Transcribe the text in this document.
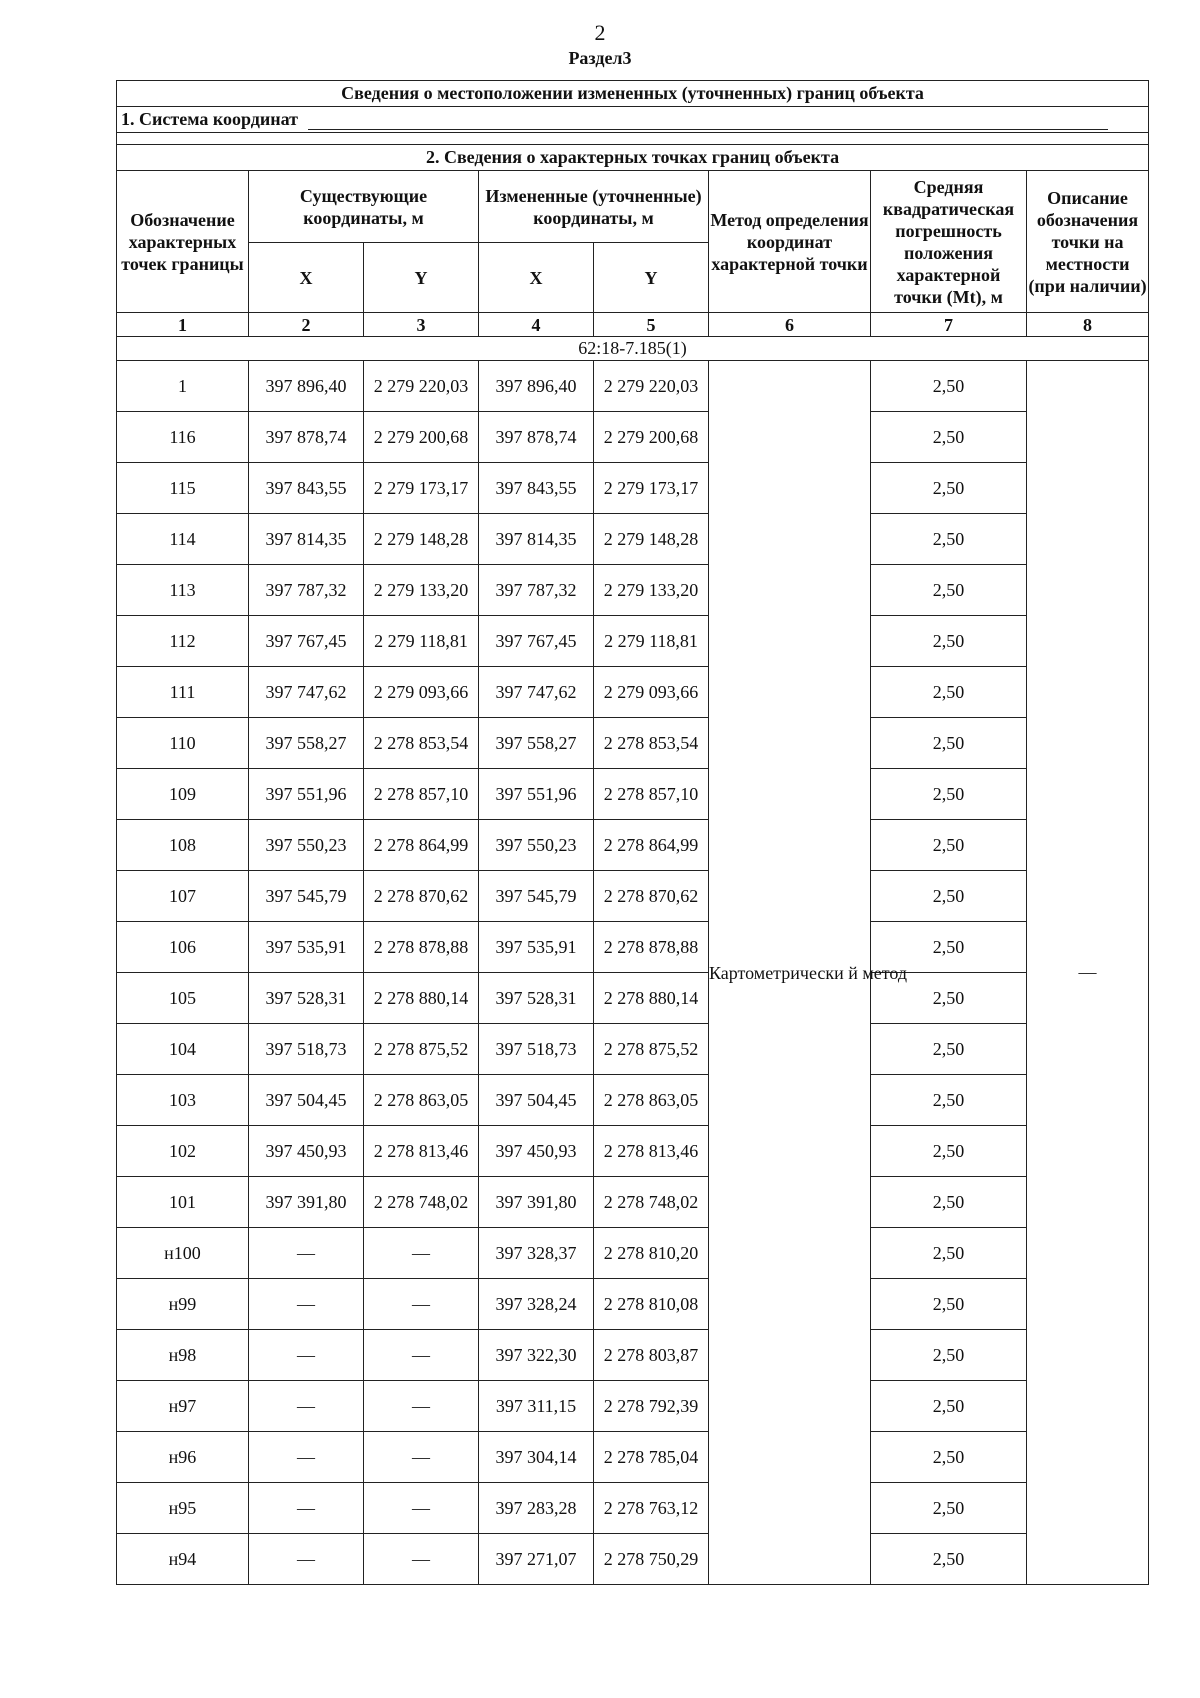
2
Раздел3
Сведения о местоположении измененных (уточненных) границ объекта							
1. Система координат							

2. Сведения о характерных точках границ объекта							
Обозначение характерных точек границы	Существующие координаты, м		Измененные (уточненные) координаты, м		Метод определения координат характерной точки	Средняя квадратическая погрешность положения характерной точки (Mt), м	Описание обозначения точки на местности (при наличии)
	X	Y	X	Y			
1	2	3	4	5	6	7	8
62:18-7.185(1)							
1	397 896,40	2 279 220,03	397 896,40	2 279 220,03	Картометрически й метод	2,50	—
116	397 878,74	2 279 200,68	397 878,74	2 279 200,68		2,50	
115	397 843,55	2 279 173,17	397 843,55	2 279 173,17		2,50	
114	397 814,35	2 279 148,28	397 814,35	2 279 148,28		2,50	
113	397 787,32	2 279 133,20	397 787,32	2 279 133,20		2,50	
112	397 767,45	2 279 118,81	397 767,45	2 279 118,81		2,50	
111	397 747,62	2 279 093,66	397 747,62	2 279 093,66		2,50	
110	397 558,27	2 278 853,54	397 558,27	2 278 853,54		2,50	
109	397 551,96	2 278 857,10	397 551,96	2 278 857,10		2,50	
108	397 550,23	2 278 864,99	397 550,23	2 278 864,99		2,50	
107	397 545,79	2 278 870,62	397 545,79	2 278 870,62		2,50	
106	397 535,91	2 278 878,88	397 535,91	2 278 878,88		2,50	
105	397 528,31	2 278 880,14	397 528,31	2 278 880,14		2,50	
104	397 518,73	2 278 875,52	397 518,73	2 278 875,52		2,50	
103	397 504,45	2 278 863,05	397 504,45	2 278 863,05		2,50	
102	397 450,93	2 278 813,46	397 450,93	2 278 813,46		2,50	
101	397 391,80	2 278 748,02	397 391,80	2 278 748,02		2,50	
н100	—	—	397 328,37	2 278 810,20		2,50	
н99	—	—	397 328,24	2 278 810,08		2,50	
н98	—	—	397 322,30	2 278 803,87		2,50	
н97	—	—	397 311,15	2 278 792,39		2,50	
н96	—	—	397 304,14	2 278 785,04		2,50	
н95	—	—	397 283,28	2 278 763,12		2,50	
н94	—	—	397 271,07	2 278 750,29		2,50	
